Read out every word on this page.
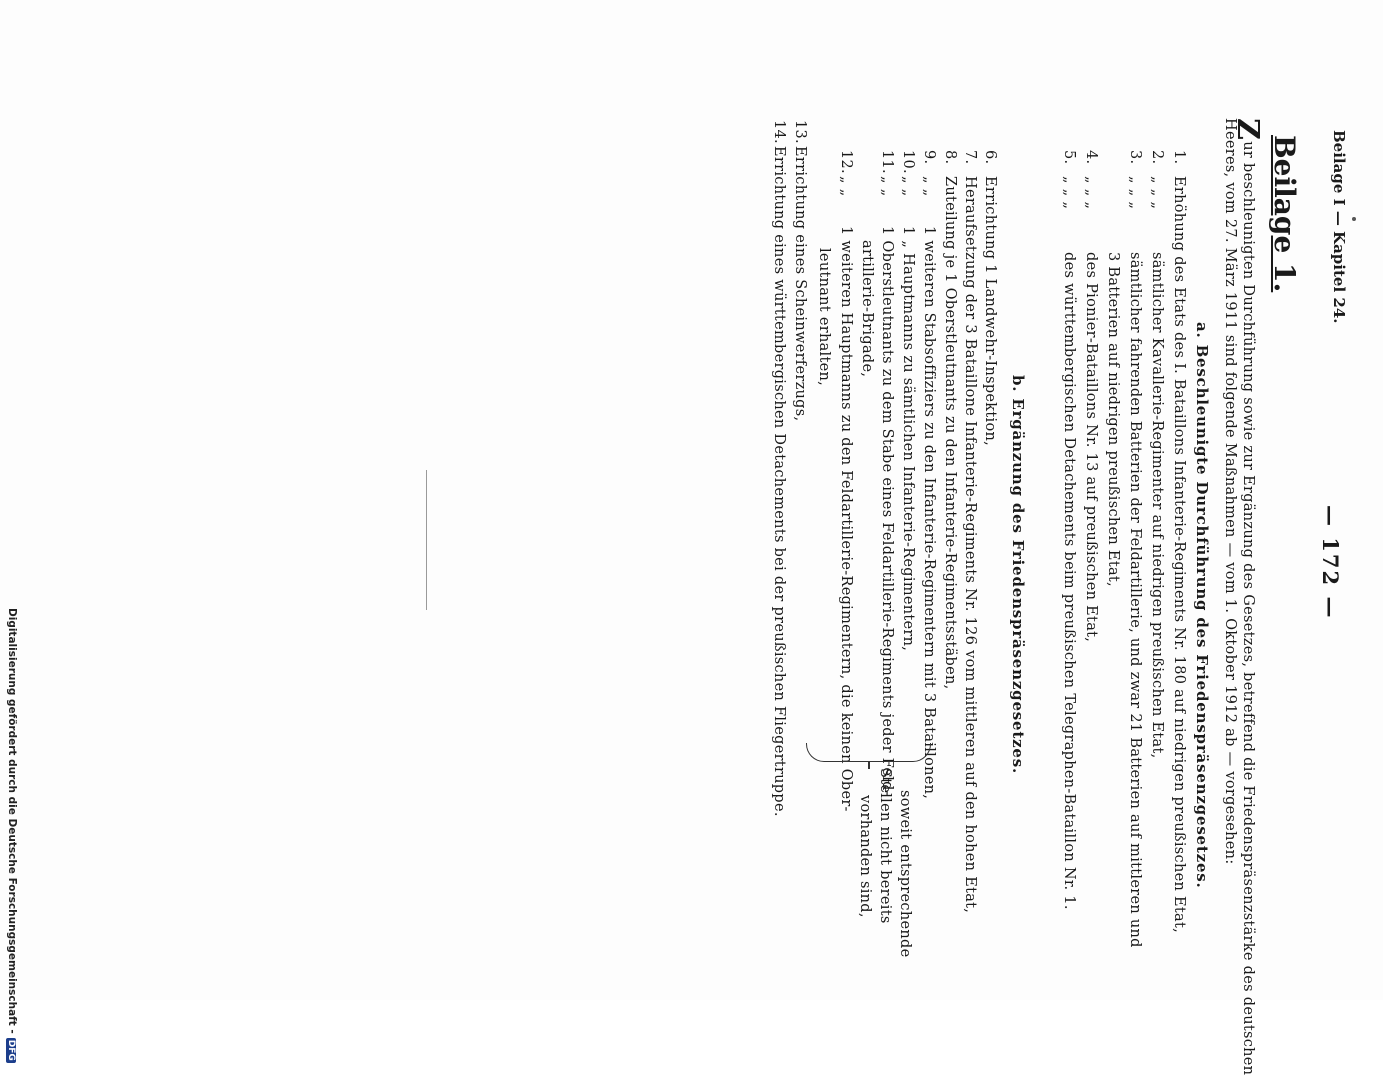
Beilage I — Kapitel 24.
— 172 —
Beilage 1.
Zur beschleunigten Durchführung sowie zur Ergänzung des Gesetzes, betreffend die Friedenspräsenzstärke des deutschen
Heeres, vom 27. März 1911 sind folgende Maßnahmen — vom 1. Oktober 1912 ab — vorgesehen:
a. Beschleunigte Durchführung des Friedenspräsenzgesetzes.
1.Erhöhung des Etats des I. Bataillons Infanterie-Regiments Nr. 180 auf niedrigen preußischen Etat,
2.„ „ „sämtlicher Kavallerie-Regimenter auf niedrigen preußischen Etat,
3.„ „ „sämtlicher fahrenden Batterien der Feldartillerie, und zwar 21 Batterien auf mittleren und
3 Batterien auf niedrigen preußischen Etat,
4.„ „ „des Pionier-Bataillons Nr. 13 auf preußischen Etat,
5.„ „ „des württembergischen Detachements beim preußischen Telegraphen-Bataillon Nr. 1.
b. Ergänzung des Friedenspräsenzgesetzes.
6.Errichtung 1 Landwehr-Inspektion,
7.Heraufsetzung der 3 Bataillone Infanterie-Regiments Nr. 126 vom mittleren auf den hohen Etat,
8.Zuteilung je 1 Oberstleutnants zu den Infanterie-Regimentsstäben,
9.„ „1 weiteren Stabsoffiziers zu den Infanterie-Regimentern mit 3 Bataillonen,
10.„ „1 „ Hauptmanns zu sämtlichen Infanterie-Regimentern,
11.„ „1 Oberstleutnants zu dem Stabe eines Feldartillerie-Regiments jeder Feld-
artillerie-Brigade,
12.„ „1 weiteren Hauptmanns zu den Feldartillerie-Regimentern, die keinen Ober-
leutnant erhalten,
13.Errichtung eines Scheinwerferzugs,
14.Errichtung eines württembergischen Detachements bei der preußischen Fliegertruppe.
soweit entsprechende
Stellen nicht bereits
vorhanden sind,
Digitalisierung gefördert durch die Deutsche Forschungsgemeinschaft -DFG
